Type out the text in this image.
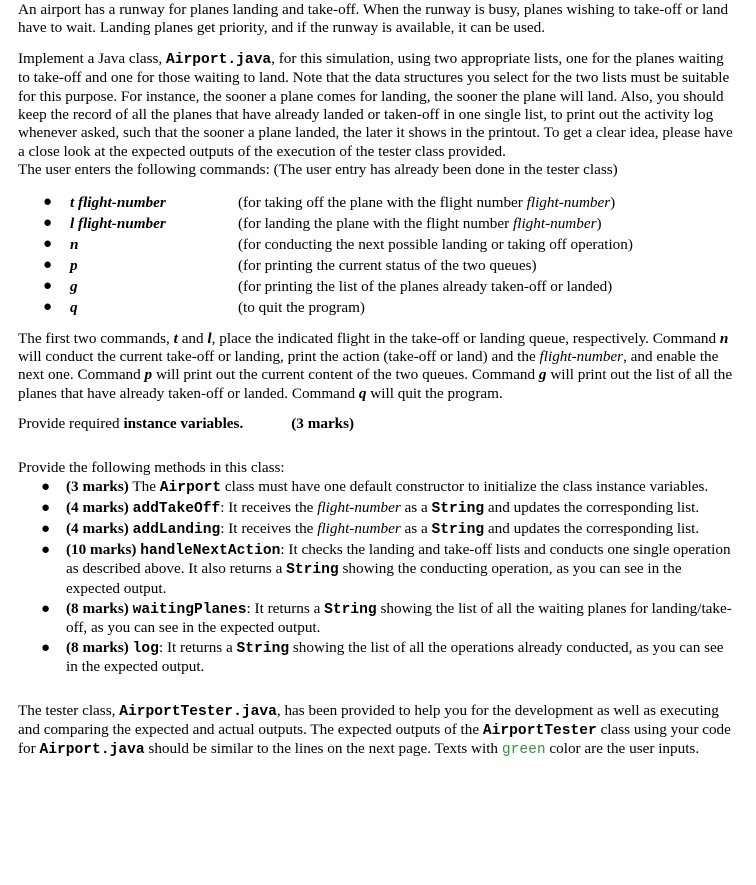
An airport has a runway for planes landing and take-off. When the runway is busy, planes wishing to take-off or land have to wait. Landing planes get priority, and if the runway is available, it can be used.

Implement a Java class, Airport.java, for this simulation, using two appropriate lists, one for the planes waiting to take-off and one for those waiting to land. Note that the data structures you select for the two lists must be suitable for this purpose. For instance, the sooner a plane comes for landing, the sooner the plane will land. Also, you should keep the record of all the planes that have already landed or taken-off in one single list, to print out the activity log whenever asked, such that the sooner a plane landed, the later it shows in the printout. To get a clear idea, please have a close look at the expected outputs of the execution of the tester class provided.

The user enters the following commands: (The user entry has already been done in the tester class)

●	t flight-number	(for taking off the plane with the flight number flight-number)
●	l flight-number	(for landing the plane with the flight number flight-number)
●	n	(for conducting the next possible landing or taking off operation)
●	p	(for printing the current status of the two queues)
●	g	(for printing the list of the planes already taken-off or landed)
●	q	(to quit the program)

The first two commands, t and l, place the indicated flight in the take-off or landing queue, respectively. Command n will conduct the current take-off or landing, print the action (take-off or land) and the flight-number, and enable the next one. Command p will print out the current content of the two queues. Command g will print out the list of all the planes that have already taken-off or landed. Command q will quit the program.

Provide required instance variables.	(3 marks)

Provide the following methods in this class:

●	(3 marks) The Airport class must have one default constructor to initialize the class instance variables.
●	(4 marks) addTakeOff: It receives the flight-number as a String and updates the corresponding list.
●	(4 marks) addLanding: It receives the flight-number as a String and updates the corresponding list.
●	(10 marks) handleNextAction: It checks the landing and take-off lists and conducts one single operation as described above. It also returns a String showing the conducting operation, as you can see in the expected output.
●	(8 marks) waitingPlanes: It returns a String showing the list of all the waiting planes for landing/take-off, as you can see in the expected output.
●	(8 marks) log: It returns a String showing the list of all the operations already conducted, as you can see in the expected output.

The tester class, AirportTester.java, has been provided to help you for the development as well as executing and comparing the expected and actual outputs. The expected outputs of the AirportTester class using your code for Airport.java should be similar to the lines on the next page. Texts with green color are the user inputs.
